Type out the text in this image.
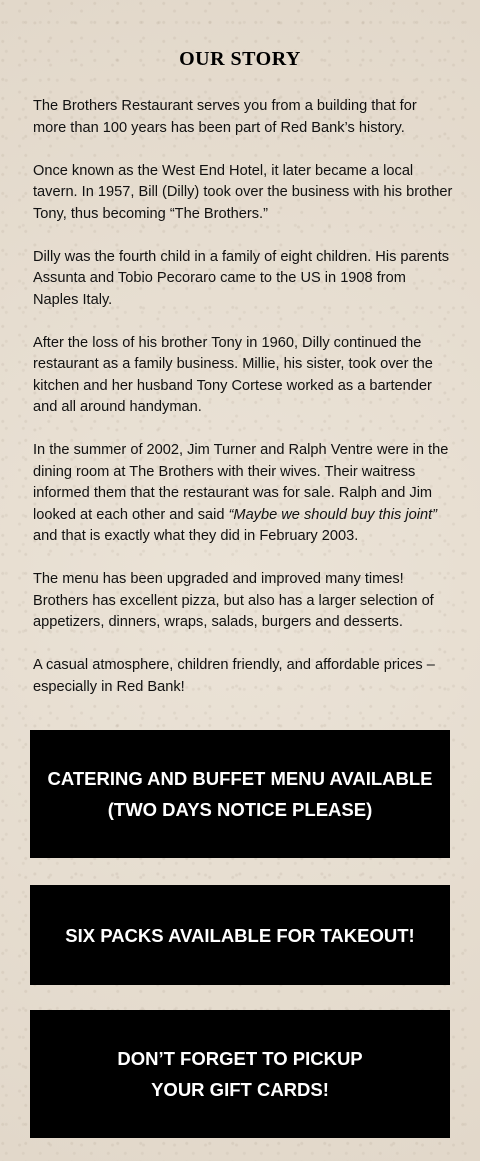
OUR STORY

The Brothers Restaurant serves you from a building that for more than 100 years has been part of Red Bank’s history.

Once known as the West End Hotel, it later became a local tavern. In 1957, Bill (Dilly) took over the business with his brother Tony, thus becoming “The Brothers.”

Dilly was the fourth child in a family of eight children. His parents Assunta and Tobio Pecoraro came to the US in 1908 from Naples Italy.

After the loss of his brother Tony in 1960, Dilly continued the restaurant as a family business. Millie, his sister, took over the kitchen and her husband Tony Cortese worked as a bartender and all around handyman.

In the summer of 2002, Jim Turner and Ralph Ventre were in the dining room at The Brothers with their wives. Their waitress informed them that the restaurant was for sale. Ralph and Jim looked at each other and said “Maybe we should buy this joint” and that is exactly what they did in February 2003.

The menu has been upgraded and improved many times! Brothers has excellent pizza, but also has a larger selection of appetizers, dinners, wraps, salads, burgers and desserts.

A casual atmosphere, children friendly, and affordable prices – especially in Red Bank!

CATERING AND BUFFET MENU AVAILABLE
(TWO DAYS NOTICE PLEASE)
SIX PACKS AVAILABLE FOR TAKEOUT!
DON’T FORGET TO PICKUP
YOUR GIFT CARDS!
